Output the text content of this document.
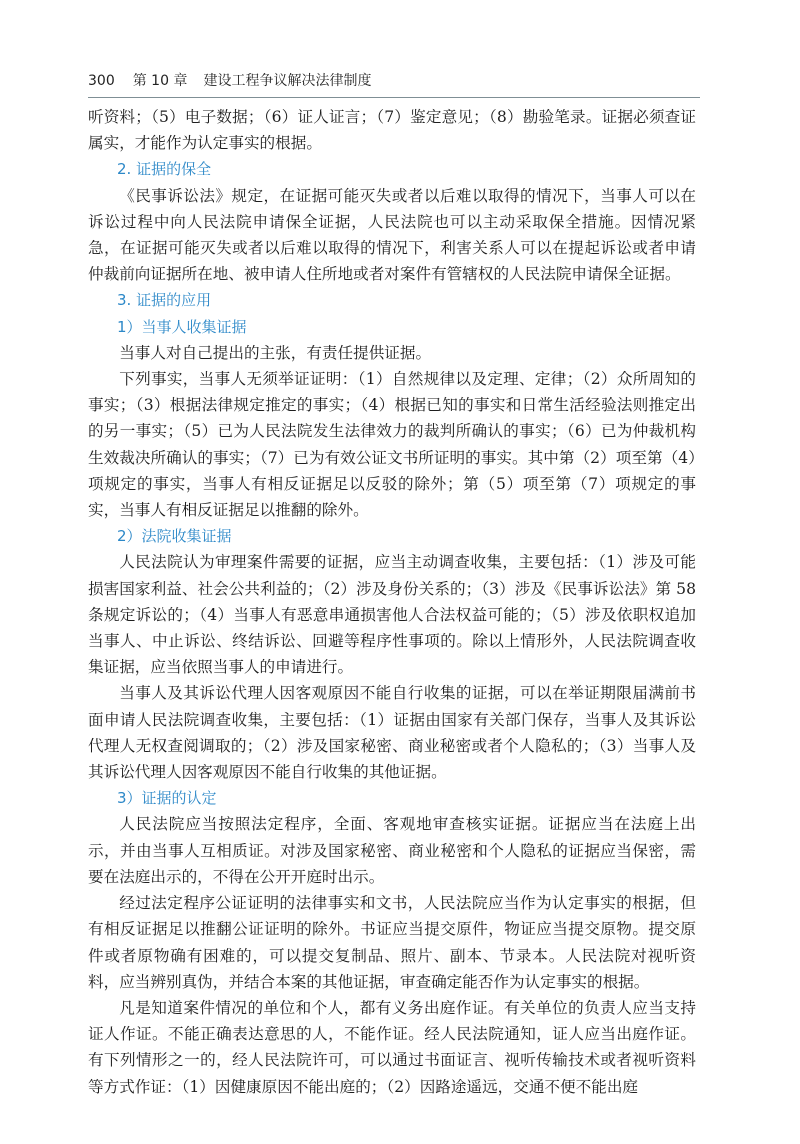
300 第 10 章 建设工程争议解决法律制度

听资料；（5）电子数据；（6）证人证言；（7）鉴定意见；（8）勘验笔录。证据必须查证属实，才能作为认定事实的根据。

2. 证据的保全

《民事诉讼法》规定，在证据可能灭失或者以后难以取得的情况下，当事人可以在诉讼过程中向人民法院申请保全证据，人民法院也可以主动采取保全措施。因情况紧急，在证据可能灭失或者以后难以取得的情况下，利害关系人可以在提起诉讼或者申请仲裁前向证据所在地、被申请人住所地或者对案件有管辖权的人民法院申请保全证据。

3. 证据的应用
1）当事人收集证据

当事人对自己提出的主张，有责任提供证据。

下列事实，当事人无须举证证明：（1）自然规律以及定理、定律；（2）众所周知的事实；（3）根据法律规定推定的事实；（4）根据已知的事实和日常生活经验法则推定出的另一事实；（5）已为人民法院发生法律效力的裁判所确认的事实；（6）已为仲裁机构生效裁决所确认的事实；（7）已为有效公证文书所证明的事实。其中第（2）项至第（4）项规定的事实，当事人有相反证据足以反驳的除外；第（5）项至第（7）项规定的事实，当事人有相反证据足以推翻的除外。

2）法院收集证据

人民法院认为审理案件需要的证据，应当主动调查收集，主要包括：（1）涉及可能损害国家利益、社会公共利益的；（2）涉及身份关系的；（3）涉及《民事诉讼法》第 58 条规定诉讼的；（4）当事人有恶意串通损害他人合法权益可能的；（5）涉及依职权追加当事人、中止诉讼、终结诉讼、回避等程序性事项的。除以上情形外，人民法院调查收集证据，应当依照当事人的申请进行。

当事人及其诉讼代理人因客观原因不能自行收集的证据，可以在举证期限届满前书面申请人民法院调查收集，主要包括：（1）证据由国家有关部门保存，当事人及其诉讼代理人无权查阅调取的；（2）涉及国家秘密、商业秘密或者个人隐私的；（3）当事人及其诉讼代理人因客观原因不能自行收集的其他证据。

3）证据的认定

人民法院应当按照法定程序，全面、客观地审查核实证据。证据应当在法庭上出示，并由当事人互相质证。对涉及国家秘密、商业秘密和个人隐私的证据应当保密，需要在法庭出示的，不得在公开开庭时出示。

经过法定程序公证证明的法律事实和文书，人民法院应当作为认定事实的根据，但有相反证据足以推翻公证证明的除外。书证应当提交原件，物证应当提交原物。提交原件或者原物确有困难的，可以提交复制品、照片、副本、节录本。人民法院对视听资料，应当辨别真伪，并结合本案的其他证据，审查确定能否作为认定事实的根据。

凡是知道案件情况的单位和个人，都有义务出庭作证。有关单位的负责人应当支持证人作证。不能正确表达意思的人，不能作证。经人民法院通知，证人应当出庭作证。有下列情形之一的，经人民法院许可，可以通过书面证言、视听传输技术或者视听资料等方式作证：（1）因健康原因不能出庭的；（2）因路途遥远，交通不便不能出庭
